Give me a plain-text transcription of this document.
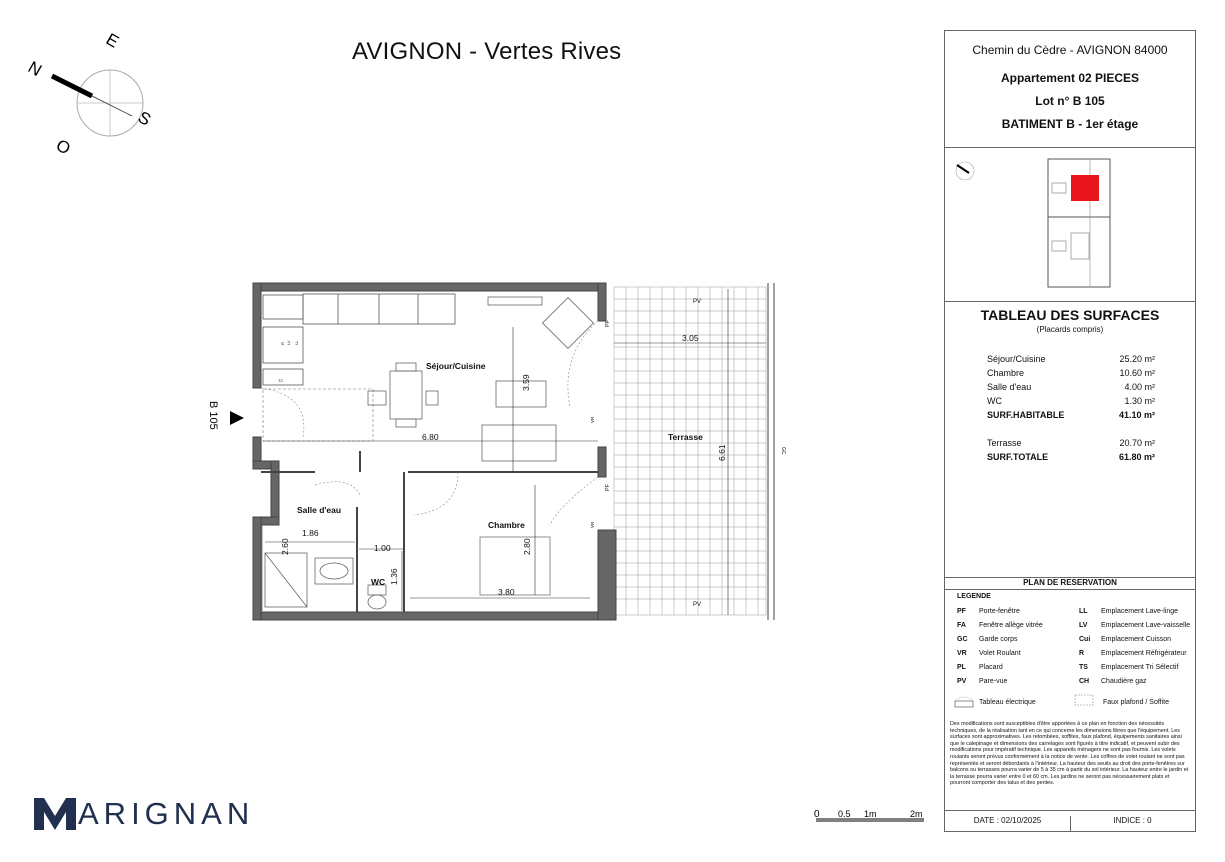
AVIGNON - Vertes Rives
N
E
S
O
Séjour/Cuisine
Salle d'eau
Chambre
WC
Terrasse
6.80
3.59
3.05
6.61
1.86
2.60	1.00
1.36
2.80
3.80
PV
PV
PF
PF
VR
VR
GC
TC
LV LL
R
B 105
Chemin du Cèdre - AVIGNON 84000
Appartement 02 PIECES
Lot n° B 105
BATIMENT B - 1er étage
TABLEAU DES SURFACES
(Placards compris)
Séjour/Cuisine	25.20 m²
Chambre	10.60 m²
Salle d'eau	4.00 m²
WC	1.30 m²
SURF.HABITABLE	41.10 m²
Terrasse	20.70 m²
SURF.TOTALE	61.80 m²
PLAN DE RESERVATION
LEGENDE
PF Porte-fenêtre
FA Fenêtre allège vitrée
GC Garde corps
VR Volet Roulant
PL Placard
PV Pare-vue
LL Emplacement Lave-linge
LV Emplacement Lave-vaisselle
Cui Emplacement Cuisson
R Emplacement Réfrigérateur
TS Emplacement Tri Sélectif
CH Chaudière gaz
Tableau électrique	Faux plafond / Soffite
Des modifications sont susceptibles d'être apportées à ce plan en fonction des nécessités techniques, de la réalisation tant en ce qui concerne les dimensions libres que l'équipement. Les surfaces sont approximatives. Les retombées, soffites, faux plafond, équipements sanitaires ainsi que le calepinage et dimensions des carrelages sont figurés à titre indicatif, et peuvent subir des modifications pour impératif technique. Les appareils ménagers ne sont pas fournis. Les volets roulants seront prévus conformément à la notice de vente. Les coffres de volet roulant ne sont pas représentés et seront débordants à l'intérieur. La hauteur des seuils au droit des porte-fenêtres sur balcons ou terrasses pourra varier de 5 à 35 cm à partir du sol intérieur. La hauteur entre le jardin et la terrasse pourra varier entre 0 et 60 cm. Les jardins ne seront pas nécessairement plats et pourront comporter des talus et des pentes.
DATE : 02/10/2025	INDICE : 0
0 0.5 1m	2m
ARIGNAN
